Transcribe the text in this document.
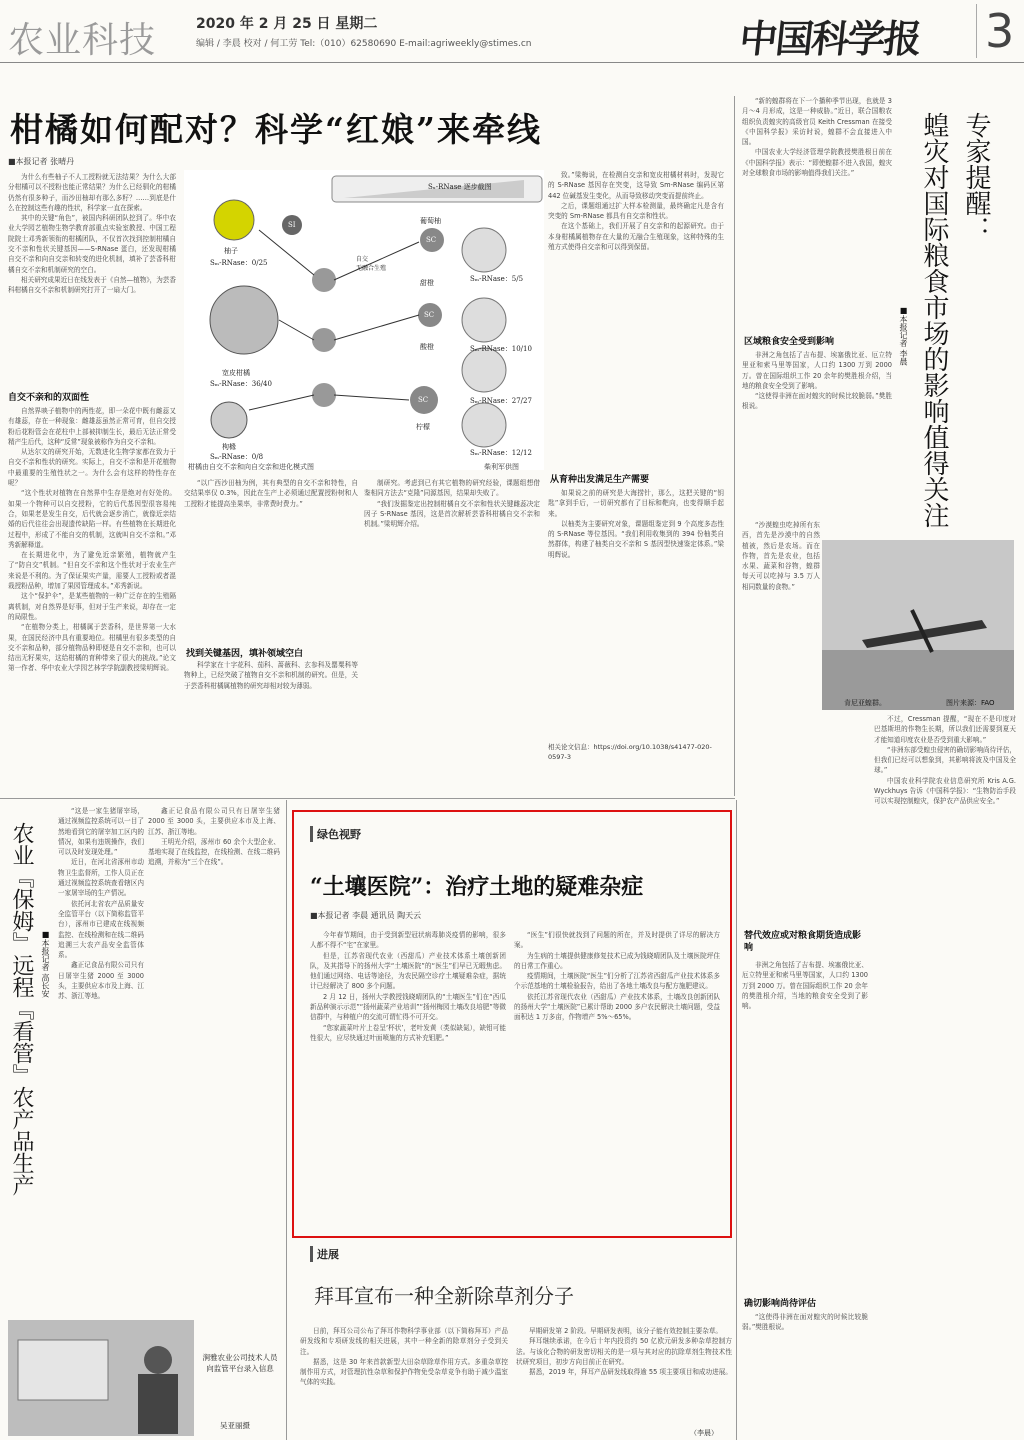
农业科技	2020 年 2 月 25 日 星期二
编辑 / 李晨 校对 / 何工劳 Tel:（010）62580690 E-mail:agriweekly@stimes.cn	中国科学报 3
柑橘如何配对？科学“红娘”来牵线
■本报记者 张晴丹

为什么有些柚子不人工授粉就无法结果？为什么大部分柑橘可以不授粉也能正常结果？为什么已经驯化的柑橘仍然有很多种子，而沙田柚却有那么多籽？……到底是什么在控制这些有趣的性状，科学家一直在探索。

其中的关键“角色”，被国内科研团队挖到了。华中农业大学园艺植物生物学教育部重点实验室教授、中国工程院院士邓秀新领衔的柑橘团队，不仅首次找到控制柑橘自交不亲和性状关键基因——S-RNase 蛋白，还发现柑橘自交不亲和向自交亲和转变的进化机制，填补了芸香科柑橘自交不亲和机制研究的空白。

相关研究成果近日在线发表于《自然—植物》，为芸香科柑橘自交不亲和机制研究打开了一扇大门。

自交不亲和的双面性

自然界映子植物中的两性花，即一朵花中既有雌蕊又有雄蕊，存在一种现象：雌雄蕊虽然正常可育，但自交授粉后花粉管会在花柱中上部被抑制生长，最后无法正常受精产生后代，这种“反常”现象被称作为自交不亲和。

从达尔文的研究开始，无数进化生物学家都在致力于自交不亲和性状的研究。实际上，自交不亲和是开花植物中最重要的生殖性状之一。为什么会有这样的特性存在呢？

“这个性状对植物在自然界中生存是绝对有好处的。如果一个物种可以自交授粉，它的后代基因型很容易纯合，如果老是发生自交，后代就会逐步消亡，就像近亲结婚的后代往往会出现遗传缺陷一样。有些植物在长期进化过程中，形成了不能自交的机制，这就叫自交不亲和。”邓秀新解释道。

在长期进化中，为了避免近亲繁殖，植物就产生了“防自交”机制。“但自交不亲和这个性状对于农业生产来说是不利的。为了保证果实产量，需要人工授粉或者混栽授粉品种，增加了果园管理成本。”邓秀新说。

这个“保护伞”，是某些植物的一种广泛存在的生殖隔离机制，对自然界是好事，但对于生产来说，却存在一定的局限性。

“在植物分类上，柑橘属于芸香科，是世界第一大水果，在国民经济中具有重要地位。柑橘里有很多类型的自交不亲和品种，部分植物品种即便是自交不亲和，也可以结出无籽果实，这给柑橘的育种带来了很大的挑战。”论文第一作者、华中农业大学园艺林学学院副教授梁明辉说。

Sₓ-RNase 逐步截图
柚子
Sₘ-RNase：0/25
宽皮柑橘
Sₘ-RNase：36/40
枸橼
Sₘ-RNase：0/8
甜橙
酸橙
柠檬
葡萄柚
Sₘ-RNase：5/5
Sₘ-RNase：10/10
Sₘ-RNase：27/27
Sₘ-RNase：12/12
SI
SC
SC
SC
自交
无融合生殖
柑橘由自交不亲和向自交亲和进化模式图	柴利军供图

“以广西沙田柚为例，其有典型的自交不亲和特性，自交结果率仅 0.3%，因此在生产上必须通过配置授粉树和人工授粉才能提高坐果率，非常费时费力。”

找到关键基因，填补领域空白

科学家在十字花科、茄科、蔷薇科、玄参科及罂粟科等物种上，已经突破了植物自交不亲和机制的研究。但是，关于芸香科柑橘属植物的研究却相对较为薄弱。

制研究。考虑到已有其它植物的研究经验，课题组想借鉴相同方法去“克隆”同源基因，结果却失败了。

“我们发掘鉴定出控制柑橘自交不亲和性状关键雌蕊决定因子 S-RNase 基因，这是首次解析芸香科柑橘自交不亲和机制。”梁明辉介绍。

致。”梁梅说，在检测自交亲和宽皮柑橘材料时，发现它的 S-RNase 基因存在突变，这导致 Sm-RNase 编码区第 442 位碱基发生变化，从而导致移动突变而提前终止。

之后，课题组通过扩大样本检测量，最终确定凡是含有突变的 Sm-RNase 都具有自交亲和性状。

在这个基础上，我们开展了自交亲和的起源研究。由于本身柑橘属植物存在大量的无融合生殖现象，这种特殊的生殖方式使得自交亲和可以得到保留。

从育种出发满足生产需要

如果说之前的研究是大海捞针，那么，这把关键的“钥匙”拿到手后，一切研究都有了目标和靶向，也变得顺手起来。

以柚类为主要研究对象，课题组鉴定到 9 个高度多态性的 S-RNase 等位基因。“我们利用收集到的 394 份柚类自然群体，构建了柚类自交不亲和 S 基因型快速鉴定体系。”梁明辉说。

相关论文信息：https://doi.org/10.1038/s41477-020-0597-3
专家提醒：
蝗灾对国际粮食市场的影响值得关注
■本报记者 李晨

“新的蝗群将在下一个播种季节出现，也就是 3 月～4 月形成，这是一种威胁。”近日，联合国粮农组织负责蝗灾的高级官员 Keith Cressman 在接受《中国科学报》采访时说，蝗群不会直接进入中国。

中国农业大学经济管理学院教授樊胜根日前在《中国科学报》表示：“即使蝗群不进入我国，蝗灾对全球粮食市场的影响值得我们关注。”

区域粮食安全受到影响

非洲之角包括了吉布提、埃塞俄比亚、厄立特里亚和索马里等国家，人口约 1300 万到 2000 万。曾在国际组织工作 20 余年的樊胜根介绍，当地的粮食安全受到了影响。

“这使得非洲在面对蝗灾的时候比较脆弱。”樊胜根说。

肯尼亚蝗群。	图片来源：FAO

“沙漠蝗虫吃掉所有东西，首先是沙漠中的自然植被，然后是农场。而在作物，首先是农业，包括水果、蔬菜和谷物，蝗群每天可以吃掉与 3.5 万人相同数量的食物。”

不过，Cressman 提醒，“现在不是印度对巴基斯坦的作物生长期，所以我们还需要到夏天才能知道印度农业是否受到重大影响。”

“非洲东部受蝗虫侵害的确切影响尚待评估，但我们已经可以想象到，其影响将波及中国及全球。”

中国农业科学院农业信息研究所 Kris A.G. Wyckhuys 告诉《中国科学报》：“生物防治手段可以实现控制蝗灾，保护农产品供应安全。”

替代效应或对粮食期货造成影响

非洲之角包括了吉布提、埃塞俄比亚、厄立特里亚和索马里等国家，人口约 1300 万到 2000 万。曾在国际组织工作 20 余年的樊胜根介绍，当地的粮食安全受到了影响。

确切影响尚待评估

“这使得非洲在面对蝗灾的时候比较脆弱。”樊胜根说。

农业『保姆』远程『看管』农产品生产 ■本报记者 高长安

“这是一家生猪屠宰场，通过视频监控系统可以一目了然地看到它的屠宰加工区内的情况，如果有违规操作，我们可以及时发现处理。”

近日，在河北省涿州市动物卫生监督所，工作人员正在通过视频监控系统查看辖区内一家屠宰场的生产情况。

依托河北省农产品质量安全监管平台（以下简称监管平台），涿州市已建成在线视频监控、在线检测和在线二维码追溯三大农产品安全监管体系。

鑫正记食品有限公司只有日屠宰生猪 2000 至 3000 头，主要供应本市及上海、江苏、浙江等地。

鑫正记食品有限公司只有日屠宰生猪 2000 至 3000 头，主要供应本市及上海、江苏、浙江等地。

王明光介绍，涿州市 60 余个大型企业、基地实现了在线监控，在线检测、在线二维码追溯，并称为“三个在线”。

涧雅农业公司技术人员向监管平台录入信息
吴亚丽摄
绿色视野
“土壤医院”：治疗土地的疑难杂症
■本报记者 李晨 通讯员 陶天云

今年春节期间，由于受到新型冠状病毒肺炎疫情的影响，很多人都不得不“宅”在家里。

但是，江苏省现代农业（西甜瓜）产业技术体系土壤创新团队，及其指导下的扬州大学“土壤医院”的“医生”们早已无暇焦虑。他们通过网络、电话等途径，为农民隔空诊疗土壤疑难杂症，据统计已经解决了 800 多个问题。

2 月 12 日，扬州大学教授钱晓晴团队的“土壤医生”们在“西瓜新品种演示示范”“扬州蔬菜产业培训”“扬州梅园土壤改良培肥”等微信群中，与种植户的交流可谓忙得不可开交。

“您家蔬菜叶片上卷呈‘杯状’，老叶发黄（类似缺氮），缺钼可能性很大，应尽快通过叶面喷施的方式补充钼肥。”

“医生”们很快就找到了问题的所在，并及时提供了详尽的解决方案。

为生病的土壤提供健康修复技术已成为钱晓晴团队及土壤医院坪住的日常工作重心。

疫情期间，土壤医院“医生”们分析了江苏省西甜瓜产业技术体系多个示范基地的土壤检验报告，给出了各地土壤改良与配方施肥建议。

依托江苏省现代农业（西甜瓜）产业技术体系，土壤改良创新团队的扬州大学“土壤医院”已累计帮助 2000 多户农民解决土壤问题，受益面积达 1 万多亩，作物增产 5%～65%。

进展
拜耳宣布一种全新除草剂分子

日前，拜耳公司公布了拜耳作物科学事业部（以下简称拜耳）产品研发线和专项研发线的相关进展，其中一种全新的除草剂分子受到关注。

据悉，这是 30 年来首款新型大田杂草除草作用方式。多重杂草控制作用方式，对管理抗性杂草和保护作物免受杂草竞争有助于减少温室气体的实践。

早期研发第 2 阶段。早期研发表明，该分子能有效控制主要杂草。

拜耳继续承诺，在今后十年内投资约 50 亿欧元研发多种杂草控制方法。与该化合物的研发密切相关的是一项与其对应的抗除草剂生物技术性状研究项目，初步方向目前正在研究。

据悉，2019 年，拜耳产品研发线取得逾 55 项主要项目和成功进展。

（李晨）
